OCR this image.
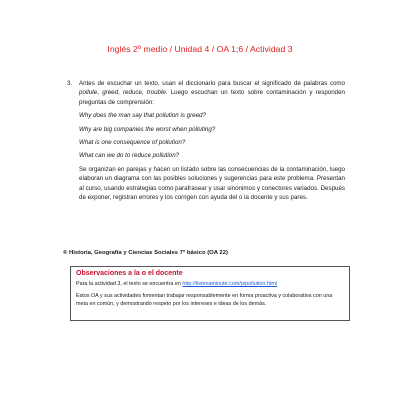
Inglés 2º medio / Unidad 4 / OA 1;6 / Actividad 3
3. Antes de escuchar un texto, usan el diccionario para buscar el significado de palabras como pollute, greed, reduce, trouble. Luego escuchan un texto sobre contaminación y responden preguntas de comprensión:

Why does the man say that pollution is greed?

Why are big companies the worst when polluting?

What is one consequence of pollution?

What can we do to reduce pollution?

Se organizan en parejas y hacen un listado sobre las consecuencias de la contaminación, luego elaboran un diagrama con las posibles soluciones y sugerencias para este problema. Presentan al curso, usando estrategias como parafrasear y usar sinónimos y conectores variados. Después de exponer, registran errores y los corrigen con ayuda del o la docente y sus pares.

® Historia, Geografía y Ciencias Sociales 7° básico (OA 22)

Observaciones a la o el docente

Para la actividad 3, el texto se encuentra en http://listenaminute.com/p/pollution.html

Estos OA y sus actividades fomentan trabajar responsablemente en forma proactiva y colaborativa con una meta en común, y demostrando respeto por los intereses e ideas de los demás.
